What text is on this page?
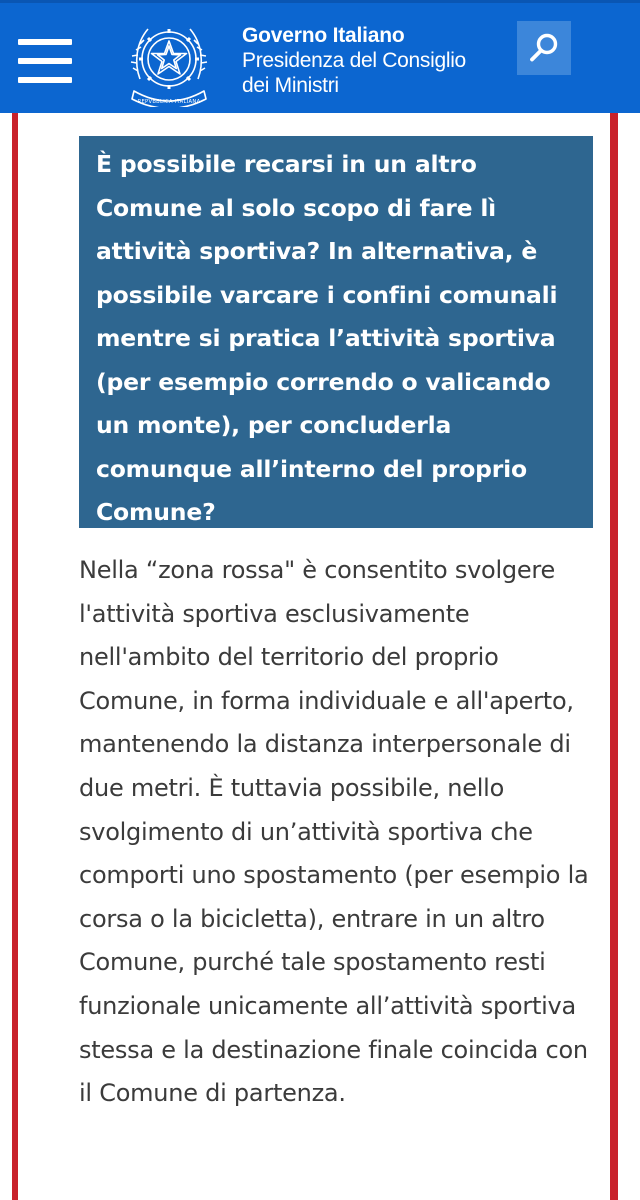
REPVBBLICA ITALIANA
Governo Italiano
Presidenza del Consiglio
dei Ministri

È possibile recarsi in un altro Comune al solo scopo di fare lì attività sportiva? In alternativa, è possibile varcare i confini comunali mentre si pratica l’attività sportiva (per esempio correndo o valicando un monte), per concluderla comunque all’interno del proprio Comune?

Nella “zona rossa" è consentito svolgere l'attività sportiva esclusivamente nell'ambito del territorio del proprio Comune, in forma individuale e all'aperto, mantenendo la distanza interpersonale di due metri. È tuttavia possibile, nello svolgimento di un’attività sportiva che comporti uno spostamento (per esempio la corsa o la bicicletta), entrare in un altro Comune, purché tale spostamento resti funzionale unicamente all’attività sportiva stessa e la destinazione finale coincida con il Comune di partenza.
